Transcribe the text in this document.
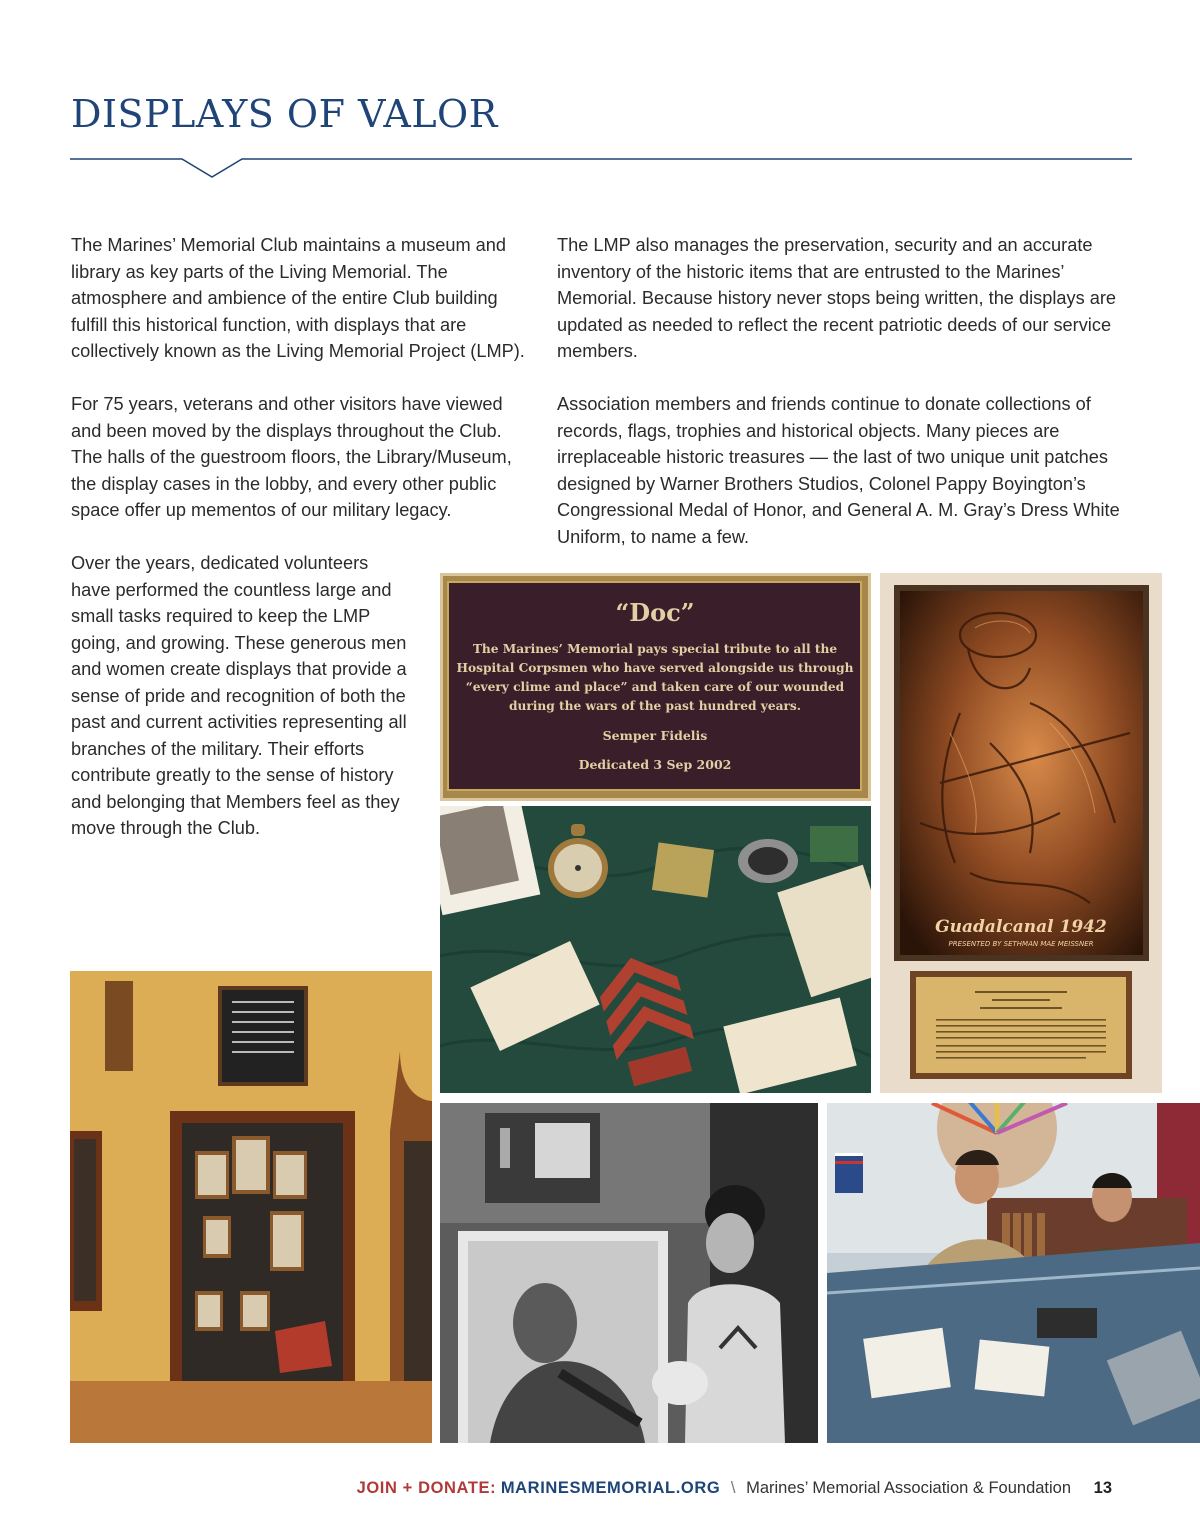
DISPLAYS OF VALOR

The Marines’ Memorial Club maintains a museum and library as key parts of the Living Memorial. The atmosphere and ambience of the entire Club building fulfill this historical function, with displays that are collectively known as the Living Memorial Project (LMP).

For 75 years, veterans and other visitors have viewed and been moved by the displays throughout the Club. The halls of the guestroom floors, the Library/Museum, the display cases in the lobby, and every other public space offer up mementos of our military legacy.

Over the years, dedicated volunteers have performed the countless large and small tasks required to keep the LMP going, and growing. These generous men and women create displays that provide a sense of pride and recognition of both the past and current activities representing all branches of the military. Their efforts contribute greatly to the sense of history and belonging that Members feel as they move through the Club.

The LMP also manages the preservation, security and an accurate inventory of the historic items that are entrusted to the Marines’ Memorial. Because history never stops being written, the displays are updated as needed to reflect the recent patriotic deeds of our service members.

Association members and friends continue to donate collections of records, flags, trophies and historical objects. Many pieces are irreplaceable historic treasures — the last of two unique unit patches designed by Warner Brothers Studios, Colonel Pappy Boyington’s Congressional Medal of Honor, and General A. M. Gray’s Dress White Uniform, to name a few.

“Doc”
The Marines’ Memorial pays special tribute to all the
Hospital Corpsmen who have served alongside us through
“every clime and place” and taken care of our wounded
during the wars of the past hundred years.
Semper Fidelis
Dedicated 3 Sep 2002
Guadalcanal 1942
PRESENTED BY SETHMAN MAE MEISSNER
JOIN + DONATE: MARINESMEMORIAL.ORG \ Marines’ Memorial Association & Foundation 13
